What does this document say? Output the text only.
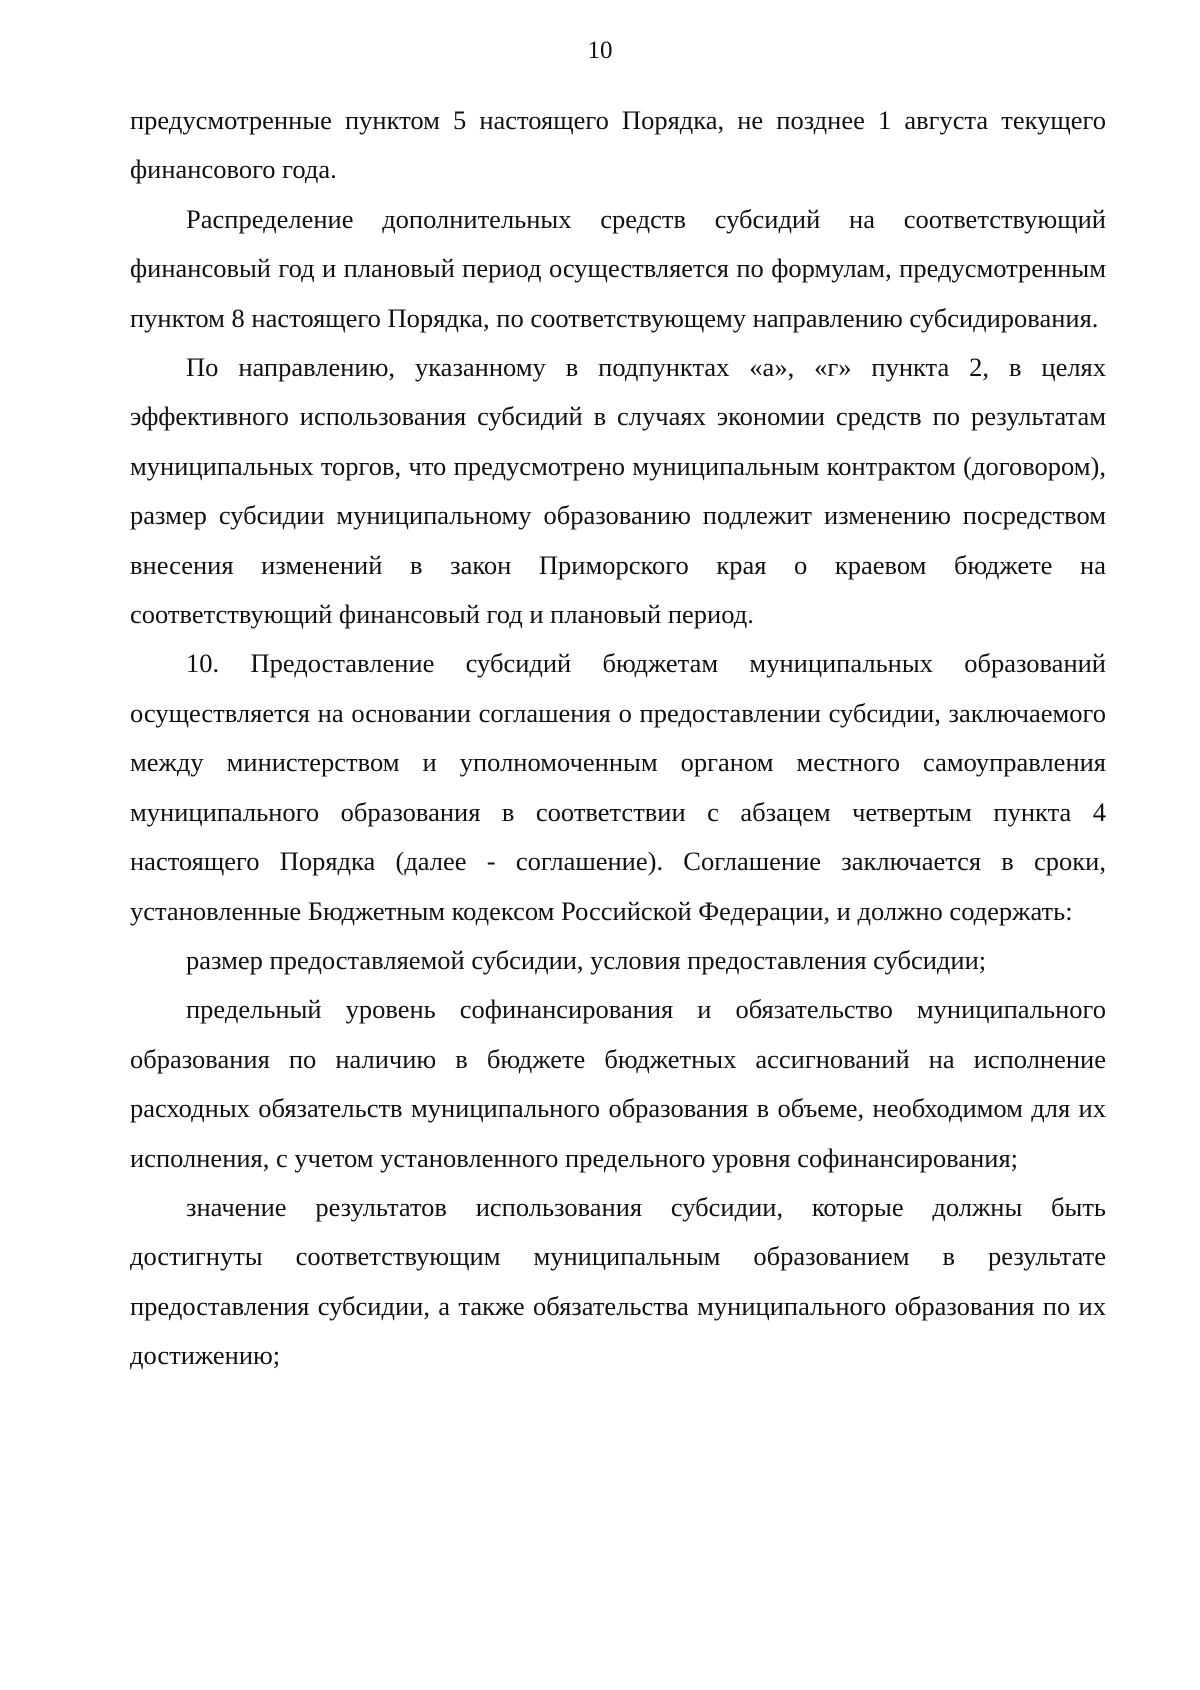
10

предусмотренные пунктом 5 настоящего Порядка, не позднее 1 августа текущего финансового года.

Распределение дополнительных средств субсидий на соответствующий финансовый год и плановый период осуществляется по формулам, предусмотренным пунктом 8 настоящего Порядка, по соответствующему направлению субсидирования.

По направлению, указанному в подпунктах «а», «г» пункта 2, в целях эффективного использования субсидий в случаях экономии средств по результатам муниципальных торгов, что предусмотрено муниципальным контрактом (договором), размер субсидии муниципальному образованию подлежит изменению посредством внесения изменений в закон Приморского края о краевом бюджете на соответствующий финансовый год и плановый период.

10. Предоставление субсидий бюджетам муниципальных образований осуществляется на основании соглашения о предоставлении субсидии, заключаемого между министерством и уполномоченным органом местного самоуправления муниципального образования в соответствии с абзацем четвертым пункта 4 настоящего Порядка (далее - соглашение). Соглашение заключается в сроки, установленные Бюджетным кодексом Российской Федерации, и должно содержать:

размер предоставляемой субсидии, условия предоставления субсидии;

предельный уровень софинансирования и обязательство муниципального образования по наличию в бюджете бюджетных ассигнований на исполнение расходных обязательств муниципального образования в объеме, необходимом для их исполнения, с учетом установленного предельного уровня софинансирования;

значение результатов использования субсидии, которые должны быть достигнуты соответствующим муниципальным образованием в результате предоставления субсидии, а также обязательства муниципального образования по их достижению;
